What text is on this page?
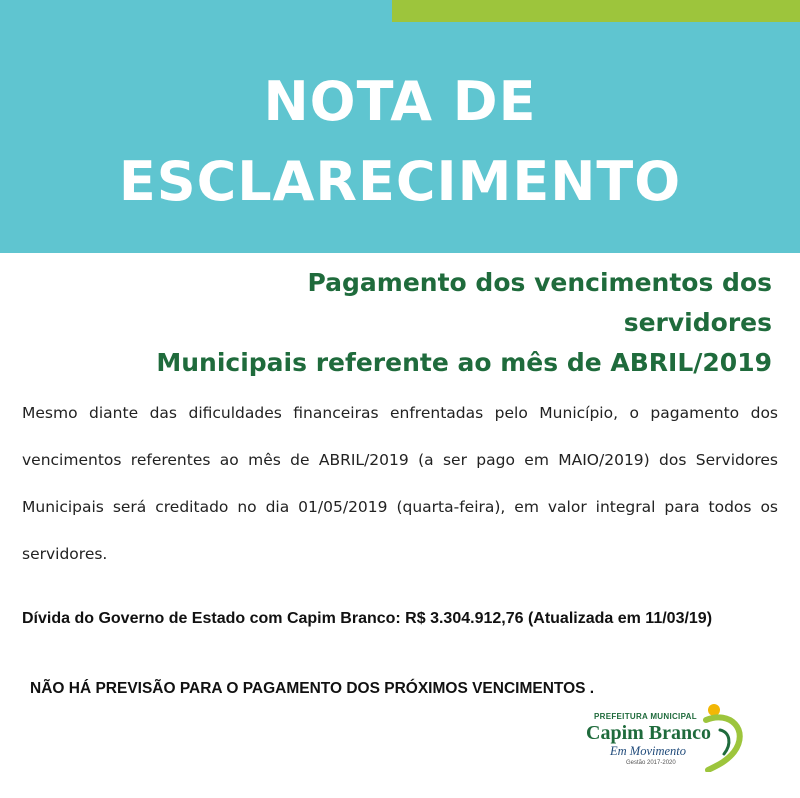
NOTA DE
ESCLARECIMENTO
Pagamento dos vencimentos dos servidores
Municipais referente ao mês de ABRIL/2019

Mesmo diante das dificuldades financeiras enfrentadas pelo Município, o pagamento dos vencimentos referentes ao mês de ABRIL/2019 (a ser pago em MAIO/2019) dos Servidores Municipais será creditado no dia 01/05/2019 (quarta-feira), em valor integral para todos os servidores.

Dívida do Governo de Estado com Capim Branco: R$ 3.304.912,76 (Atualizada em 11/03/19)

NÃO HÁ PREVISÃO PARA O PAGAMENTO DOS PRÓXIMOS VENCIMENTOS .

PREFEITURA MUNICIPAL
Capim Branco
Em Movimento
Gestão 2017-2020
